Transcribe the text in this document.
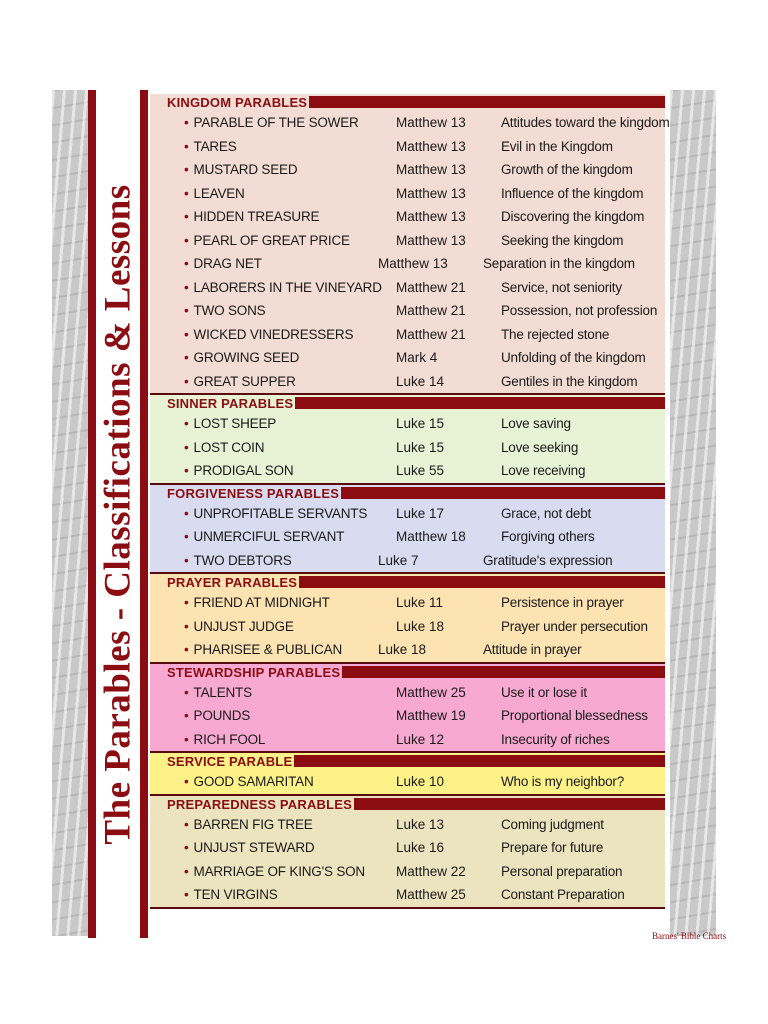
The Parables - Classifications & Lessons
KINGDOM PARABLES
• PARABLE OF THE SOWER	Matthew 13	Attitudes toward the kingdom
• TARES	Matthew 13	Evil in the Kingdom
• MUSTARD SEED	Matthew 13	Growth of the kingdom
• LEAVEN	Matthew 13	Influence of the kingdom
• HIDDEN TREASURE	Matthew 13	Discovering the kingdom
• PEARL OF GREAT PRICE	Matthew 13	Seeking the kingdom
• DRAG NET	Matthew 13	Separation in the kingdom
• LABORERS IN THE VINEYARD Matthew 21	Service, not seniority
• TWO SONS	Matthew 21	Possession, not profession
• WICKED VINEDRESSERS	Matthew 21	The rejected stone
• GROWING SEED	Mark 4	Unfolding of the kingdom
• GREAT SUPPER	Luke 14	Gentiles in the kingdom
SINNER PARABLES
• LOST SHEEP	Luke 15	Love saving
• LOST COIN	Luke 15	Love seeking
• PRODIGAL SON	Luke 55	Love receiving
FORGIVENESS PARABLES
• UNPROFITABLE SERVANTS Luke 17	Grace, not debt
• UNMERCIFUL SERVANT	Matthew 18	Forgiving others
• TWO DEBTORS	Luke 7	Gratitude's expression
PRAYER PARABLES
• FRIEND AT MIDNIGHT	Luke 11	Persistence in prayer
• UNJUST JUDGE	Luke 18	Prayer under persecution
• PHARISEE & PUBLICAN	Luke 18	Attitude in prayer
STEWARDSHIP PARABLES
• TALENTS	Matthew 25	Use it or lose it
• POUNDS	Matthew 19	Proportional blessedness
• RICH FOOL	Luke 12	Insecurity of riches
SERVICE PARABLE
• GOOD SAMARITAN	Luke 10	Who is my neighbor?
PREPAREDNESS PARABLES
• BARREN FIG TREE	Luke 13	Coming judgment
• UNJUST STEWARD	Luke 16	Prepare for future
• MARRIAGE OF KING'S SON Matthew 22	Personal preparation
• TEN VIRGINS	Matthew 25	Constant Preparation
Barnes' Bible Charts
